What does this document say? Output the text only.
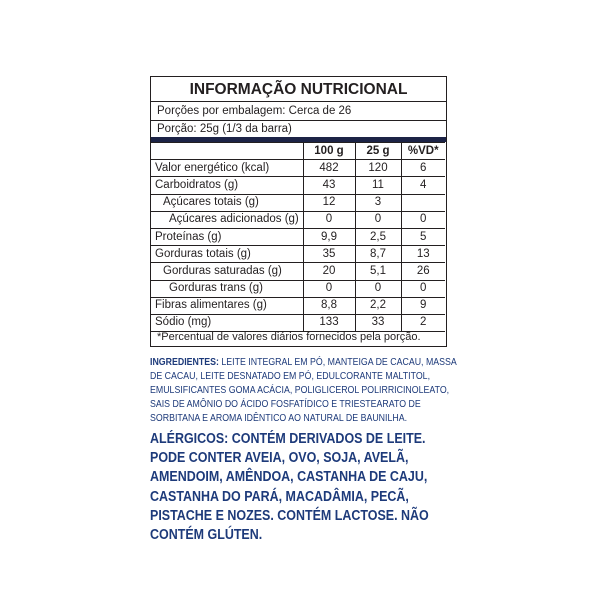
INFORMAÇÃO NUTRICIONAL
Porções por embalagem: Cerca de 26
Porção: 25g (1/3 da barra)
	100 g	25 g	%VD*
Valor energético (kcal)	482	120	6
Carboidratos (g)	43	11	4
Açúcares totais (g)	12	3	
Açúcares adicionados (g)	0	0	0
Proteínas (g)	9,9	2,5	5
Gorduras totais (g)	35	8,7	13
Gorduras saturadas (g)	20	5,1	26
Gorduras trans (g)	0	0	0
Fibras alimentares (g)	8,8	2,2	9
Sódio (mg)	133	33	2
*Percentual de valores diários fornecidos pela porção.
INGREDIENTES: LEITE INTEGRAL EM PÓ, MANTEIGA DE CACAU, MASSA DE CACAU, LEITE DESNATADO EM PÓ, EDULCORANTE MALTITOL, EMULSIFICANTES GOMA ACÁCIA, POLIGLICEROL POLIRRICINOLEATO, SAIS DE AMÔNIO DO ÁCIDO FOSFATÍDICO E TRIESTEARATO DE SORBITANA E AROMA IDÊNTICO AO NATURAL DE BAUNILHA.
ALÉRGICOS: CONTÉM DERIVADOS DE LEITE. PODE CONTER AVEIA, OVO, SOJA, AVELÃ, AMENDOIM, AMÊNDOA, CASTANHA DE CAJU, CASTANHA DO PARÁ, MACADÂMIA, PECÃ, PISTACHE E NOZES. CONTÉM LACTOSE. NÃO CONTÉM GLÚTEN.
